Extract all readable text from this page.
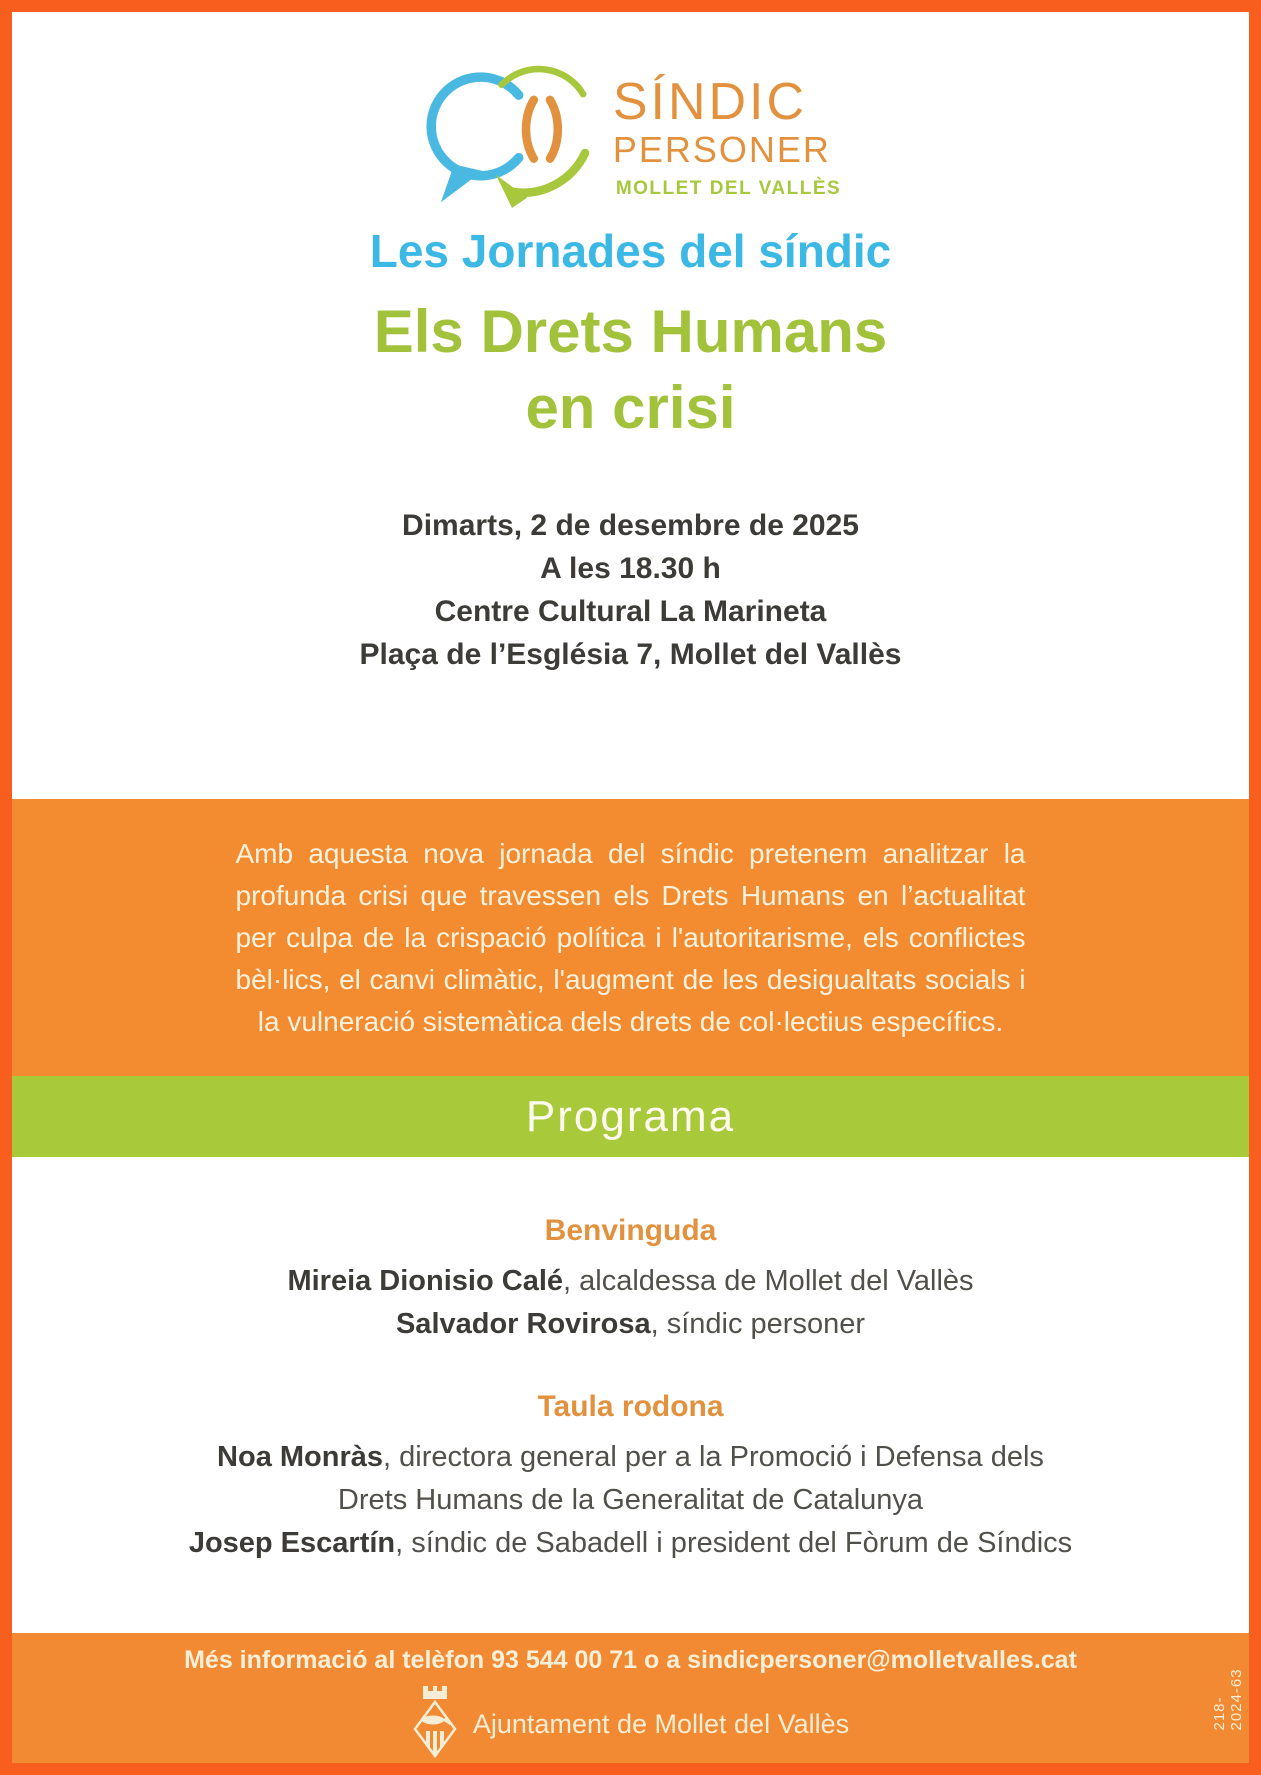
SÍNDIC
PERSONER
MOLLET DEL VALLÈS
Les Jornades del síndic
Els Drets Humans
en crisi
Dimarts, 2 de desembre de 2025
A les 18.30 h
Centre Cultural La Marineta
Plaça de l’Església 7, Mollet del Vallès

Amb aquesta nova jornada del síndic pretenem analitzar la profunda crisi que travessen els Drets Humans en l’actualitat per culpa de la crispació política i l'autoritarisme, els conflictes bèl·lics, el canvi climàtic, l'augment de les desigualtats socials i la vulneració sistemàtica dels drets de col·lectius específics.

Programa
Benvinguda
Mireia Dionisio Calé, alcaldessa de Mollet del Vallès
Salvador Rovirosa, síndic personer
Taula rodona
Noa Monràs, directora general per a la Promoció i Defensa dels Drets Humans de la Generalitat de Catalunya
Josep Escartín, síndic de Sabadell i president del Fòrum de Síndics
Més informació al telèfon 93 544 00 71 o a sindicpersoner@molletvalles.cat
Ajuntament de Mollet del Vallès	218-2024-63
